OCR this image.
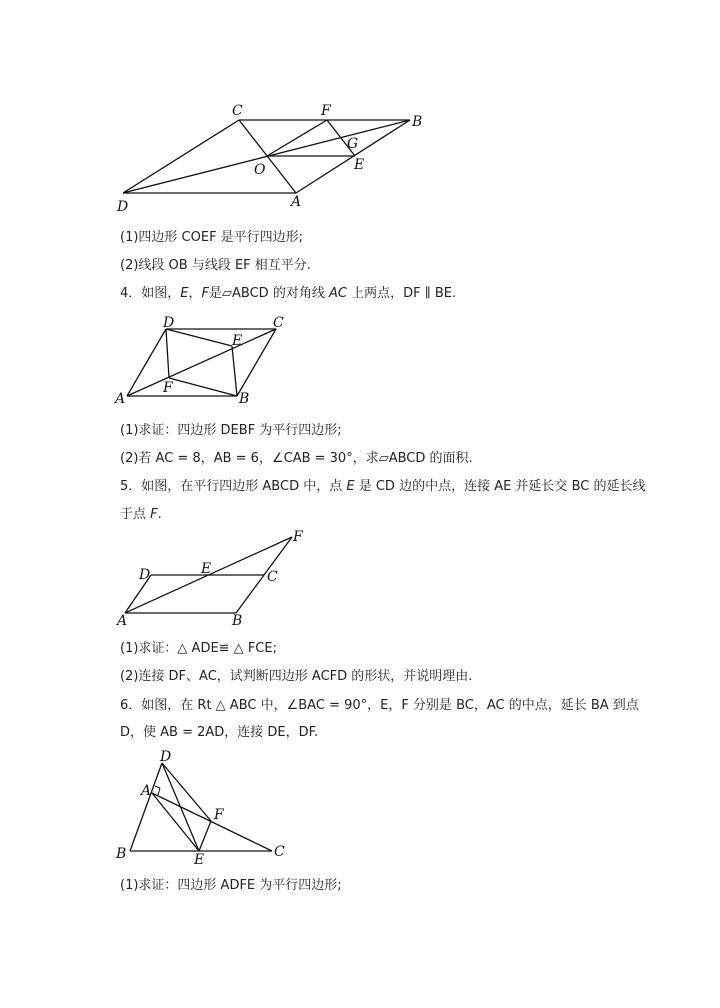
C	F
B
G
O	E
D	A
(1)四边形 COEF 是平行四边形;
(2)线段 OB 与线段 EF 相互平分.
4．如图，E，F是▱ABCD 的对角线 AC 上两点，DF ∥ BE.
D	C
E
F
A	B
(1)求证：四边形 DEBF 为平行四边形;
(2)若 AC = 8，AB = 6，∠CAB = 30°，求▱ABCD 的面积.
5．如图，在平行四边形 ABCD 中，点 E 是 CD 边的中点，连接 AE 并延长交 BC 的延长线
于点 F.
F
D	E	C
A	B
(1)求证：△ ADE≌ △ FCE;
(2)连接 DF、AC，试判断四边形 ACFD 的形状，并说明理由.
6．如图，在 Rt △ ABC 中，∠BAC = 90°，E，F 分别是 BC，AC 的中点，延长 BA 到点
D，使 AB = 2AD，连接 DE，DF.
D
A
F
B	E	C
(1)求证：四边形 ADFE 为平行四边形;
